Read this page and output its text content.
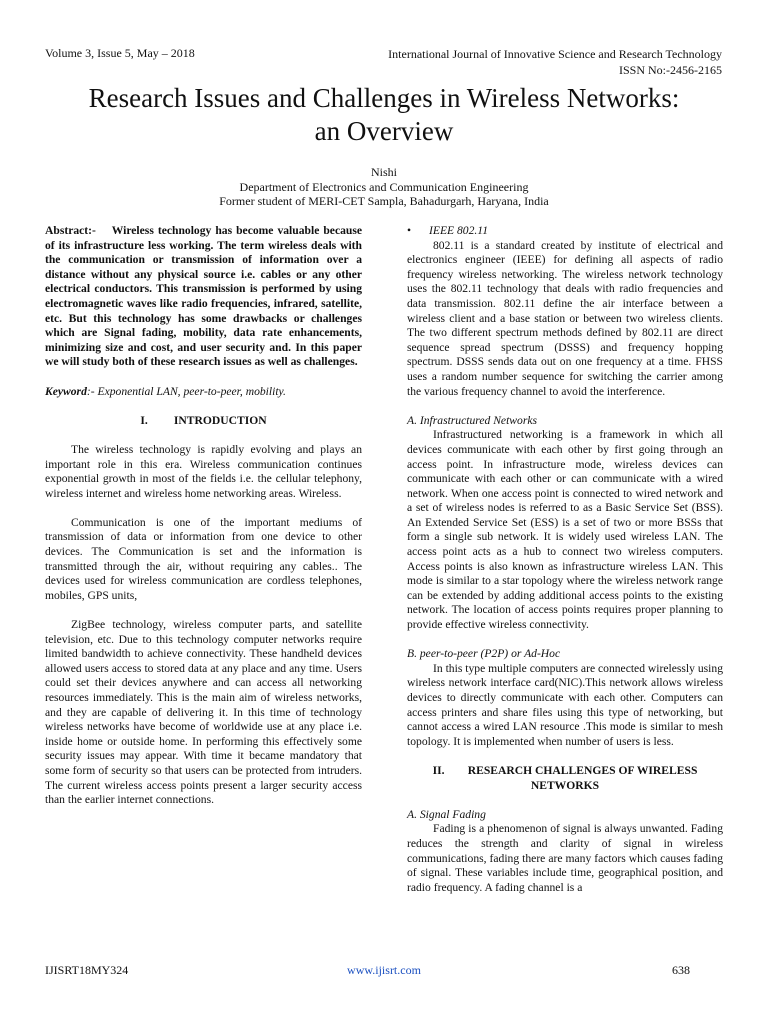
Volume 3, Issue 5, May – 2018	International Journal of Innovative Science and Research Technology
ISSN No:-2456-2165
Research Issues and Challenges in Wireless Networks:
an Overview
Nishi
Department of Electronics and Communication Engineering
Former student of MERI-CET Sampla, Bahadurgarh, Haryana, India

Abstract:- Wireless technology has become valuable because of its infrastructure less working. The term wireless deals with the communication or transmission of information over a distance without any physical source i.e. cables or any other electrical conductors. This transmission is performed by using electromagnetic waves like radio frequencies, infrared, satellite, etc. But this technology has some drawbacks or challenges which are Signal fading, mobility, data rate enhancements, minimizing size and cost, and user security and. In this paper we will study both of these research issues as well as challenges.

Keyword:- Exponential LAN, peer-to-peer, mobility.

I. INTRODUCTION

The wireless technology is rapidly evolving and plays an important role in this era. Wireless communication continues exponential growth in most of the fields i.e. the cellular telephony, wireless internet and wireless home networking areas. Wireless.

Communication is one of the important mediums of transmission of data or information from one device to other devices. The Communication is set and the information is transmitted through the air, without requiring any cables.. The devices used for wireless communication are cordless telephones, mobiles, GPS units,

ZigBee technology, wireless computer parts, and satellite television, etc. Due to this technology computer networks require limited bandwidth to achieve connectivity. These handheld devices allowed users access to stored data at any place and any time. Users could set their devices anywhere and can access all networking resources immediately. This is the main aim of wireless networks, and they are capable of delivering it. In this time of technology wireless networks have become of worldwide use at any place i.e. inside home or outside home. In performing this effectively some security issues may appear. With time it became mandatory that some form of security so that users can be protected from intruders. The current wireless access points present a larger security access than the earlier internet connections.

•	IEEE 802.11

802.11 is a standard created by institute of electrical and electronics engineer (IEEE) for defining all aspects of radio frequency wireless networking. The wireless network technology uses the 802.11 technology that deals with radio frequencies and data transmission. 802.11 define the air interface between a wireless client and a base station or between two wireless clients. The two different spectrum methods defined by 802.11 are direct sequence spread spectrum (DSSS) and frequency hopping spectrum. DSSS sends data out on one frequency at a time. FHSS uses a random number sequence for switching the carrier among the various frequency channel to avoid the interference.

A. Infrastructured Networks

Infrastructured networking is a framework in which all devices communicate with each other by first going through an access point. In infrastructure mode, wireless devices can communicate with each other or can communicate with a wired network. When one access point is connected to wired network and a set of wireless nodes is referred to as a Basic Service Set (BSS). An Extended Service Set (ESS) is a set of two or more BSSs that form a single sub network. It is widely used wireless LAN. The access point acts as a hub to connect two wireless computers. Access points is also known as infrastructure wireless LAN. This mode is similar to a star topology where the wireless network range can be extended by adding additional access points to the existing network. The location of access points requires proper planning to provide effective wireless connectivity.

B. peer-to-peer (P2P) or Ad-Hoc

In this type multiple computers are connected wirelessly using wireless network interface card(NIC).This network allows wireless devices to directly communicate with each other. Computers can access printers and share files using this type of networking, but cannot access a wired LAN resource .This mode is similar to mesh topology. It is implemented when number of users is less.

II. RESEARCH CHALLENGES OF WIRELESS

NETWORKS

A. Signal Fading

Fading is a phenomenon of signal is always unwanted. Fading reduces the strength and clarity of signal in wireless communications, fading there are many factors which causes fading of signal. These variables include time, geographical position, and radio frequency. A fading channel is a

IJISRT18MY324	www.ijisrt.com	638
